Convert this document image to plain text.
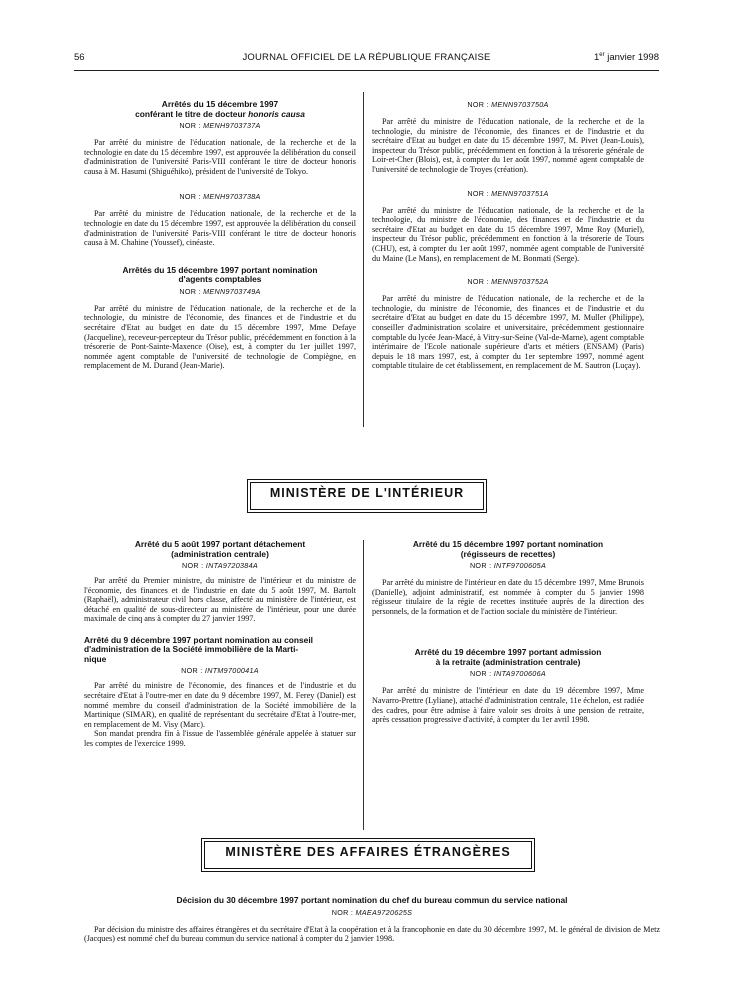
56	JOURNAL OFFICIEL DE LA RÉPUBLIQUE FRANÇAISE	1er janvier 1998

Arrêtés du 15 décembre 1997

conférant le titre de docteur honoris causa

NOR : MENH9703737A

Par arrêté du ministre de l'éducation nationale, de la recherche et de la technologie en date du 15 décembre 1997, est approuvée la délibération du conseil d'administration de l'université Paris-VIII conférant le titre de docteur honoris causa à M. Hasumi (Shiguéhiko), président de l'université de Tokyo.

NOR : MENH9703738A

Par arrêté du ministre de l'éducation nationale, de la recherche et de la technologie en date du 15 décembre 1997, est approuvée la délibération du conseil d'administration de l'université Paris-VIII conférant le titre de docteur honoris causa à M. Chahine (Youssef), cinéaste.

Arrêtés du 15 décembre 1997 portant nomination

d'agents comptables

NOR : MENN9703749A

Par arrêté du ministre de l'éducation nationale, de la recherche et de la technologie, du ministre de l'économie, des finances et de l'industrie et du secrétaire d'Etat au budget en date du 15 décembre 1997, Mme Defaye (Jacqueline), receveur-percepteur du Trésor public, précédemment en fonction à la trésorerie de Pont-Sainte-Maxence (Oise), est, à compter du 1er juillet 1997, nommée agent comptable de l'université de technologie de Compiègne, en remplacement de M. Durand (Jean-Marie).

NOR : MENN9703750A

Par arrêté du ministre de l'éducation nationale, de la recherche et de la technologie, du ministre de l'économie, des finances et de l'industrie et du secrétaire d'Etat au budget en date du 15 décembre 1997, M. Pivet (Jean-Louis), inspecteur du Trésor public, précédemment en fonction à la trésorerie générale de Loir-et-Cher (Blois), est, à compter du 1er août 1997, nommé agent comptable de l'université de technologie de Troyes (création).

NOR : MENN9703751A

Par arrêté du ministre de l'éducation nationale, de la recherche et de la technologie, du ministre de l'économie, des finances et de l'industrie et du secrétaire d'Etat au budget en date du 15 décembre 1997, Mme Roy (Muriel), inspecteur du Trésor public, précédemment en fonction à la trésorerie de Tours (CHU), est, à compter du 1er août 1997, nommée agent comptable de l'université du Maine (Le Mans), en remplacement de M. Bonmati (Serge).

NOR : MENN9703752A

Par arrêté du ministre de l'éducation nationale, de la recherche et de la technologie, du ministre de l'économie, des finances et de l'industrie et du secrétaire d'Etat au budget en date du 15 décembre 1997, M. Muller (Philippe), conseiller d'administration scolaire et universitaire, précédemment gestionnaire comptable du lycée Jean-Macé, à Vitry-sur-Seine (Val-de-Marne), agent comptable intérimaire de l'Ecole nationale supérieure d'arts et métiers (ENSAM) (Paris) depuis le 18 mars 1997, est, à compter du 1er septembre 1997, nommé agent comptable titulaire de cet établissement, en remplacement de M. Sautron (Luçay).

MINISTÈRE DE L'INTÉRIEUR

Arrêté du 5 août 1997 portant détachement

(administration centrale)

NOR : INTA9720384A

Par arrêté du Premier ministre, du ministre de l'intérieur et du ministre de l'économie, des finances et de l'industrie en date du 5 août 1997, M. Bartolt (Raphaël), administrateur civil hors classe, affecté au ministère de l'intérieur, est détaché en qualité de sous-directeur au ministère de l'intérieur, pour une durée maximale de cinq ans à compter du 27 janvier 1997.

Arrêté du 9 décembre 1997 portant nomination au conseil

d'administration de la Société immobilière de la Marti-

nique

NOR : INTM9700041A

Par arrêté du ministre de l'économie, des finances et de l'industrie et du secrétaire d'Etat à l'outre-mer en date du 9 décembre 1997, M. Ferey (Daniel) est nommé membre du conseil d'administration de la Société immobilière de la Martinique (SIMAR), en qualité de représentant du secrétaire d'Etat à l'outre-mer, en remplacement de M. Visy (Marc).

Son mandat prendra fin à l'issue de l'assemblée générale appelée à statuer sur les comptes de l'exercice 1999.

Arrêté du 15 décembre 1997 portant nomination

(régisseurs de recettes)

NOR : INTF9700605A

Par arrêté du ministre de l'intérieur en date du 15 décembre 1997, Mme Brunois (Danielle), adjoint administratif, est nommée à compter du 5 janvier 1998 régisseur titulaire de la régie de recettes instituée auprès de la direction des personnels, de la formation et de l'action sociale du ministère de l'intérieur.

Arrêté du 19 décembre 1997 portant admission

à la retraite (administration centrale)

NOR : INTA9700606A

Par arrêté du ministre de l'intérieur en date du 19 décembre 1997, Mme Navarro-Prettre (Lyliane), attaché d'administration centrale, 11e échelon, est radiée des cadres, pour être admise à faire valoir ses droits à une pension de retraite, après cessation progressive d'activité, à compter du 1er avril 1998.

MINISTÈRE DES AFFAIRES ÉTRANGÈRES

Décision du 30 décembre 1997 portant nomination du chef du bureau commun du service national

NOR : MAEA9720625S

Par décision du ministre des affaires étrangères et du secrétaire d'Etat à la coopération et à la francophonie en date du 30 décembre 1997, M. le général de division de Metz (Jacques) est nommé chef du bureau commun du service national à compter du 2 janvier 1998.
